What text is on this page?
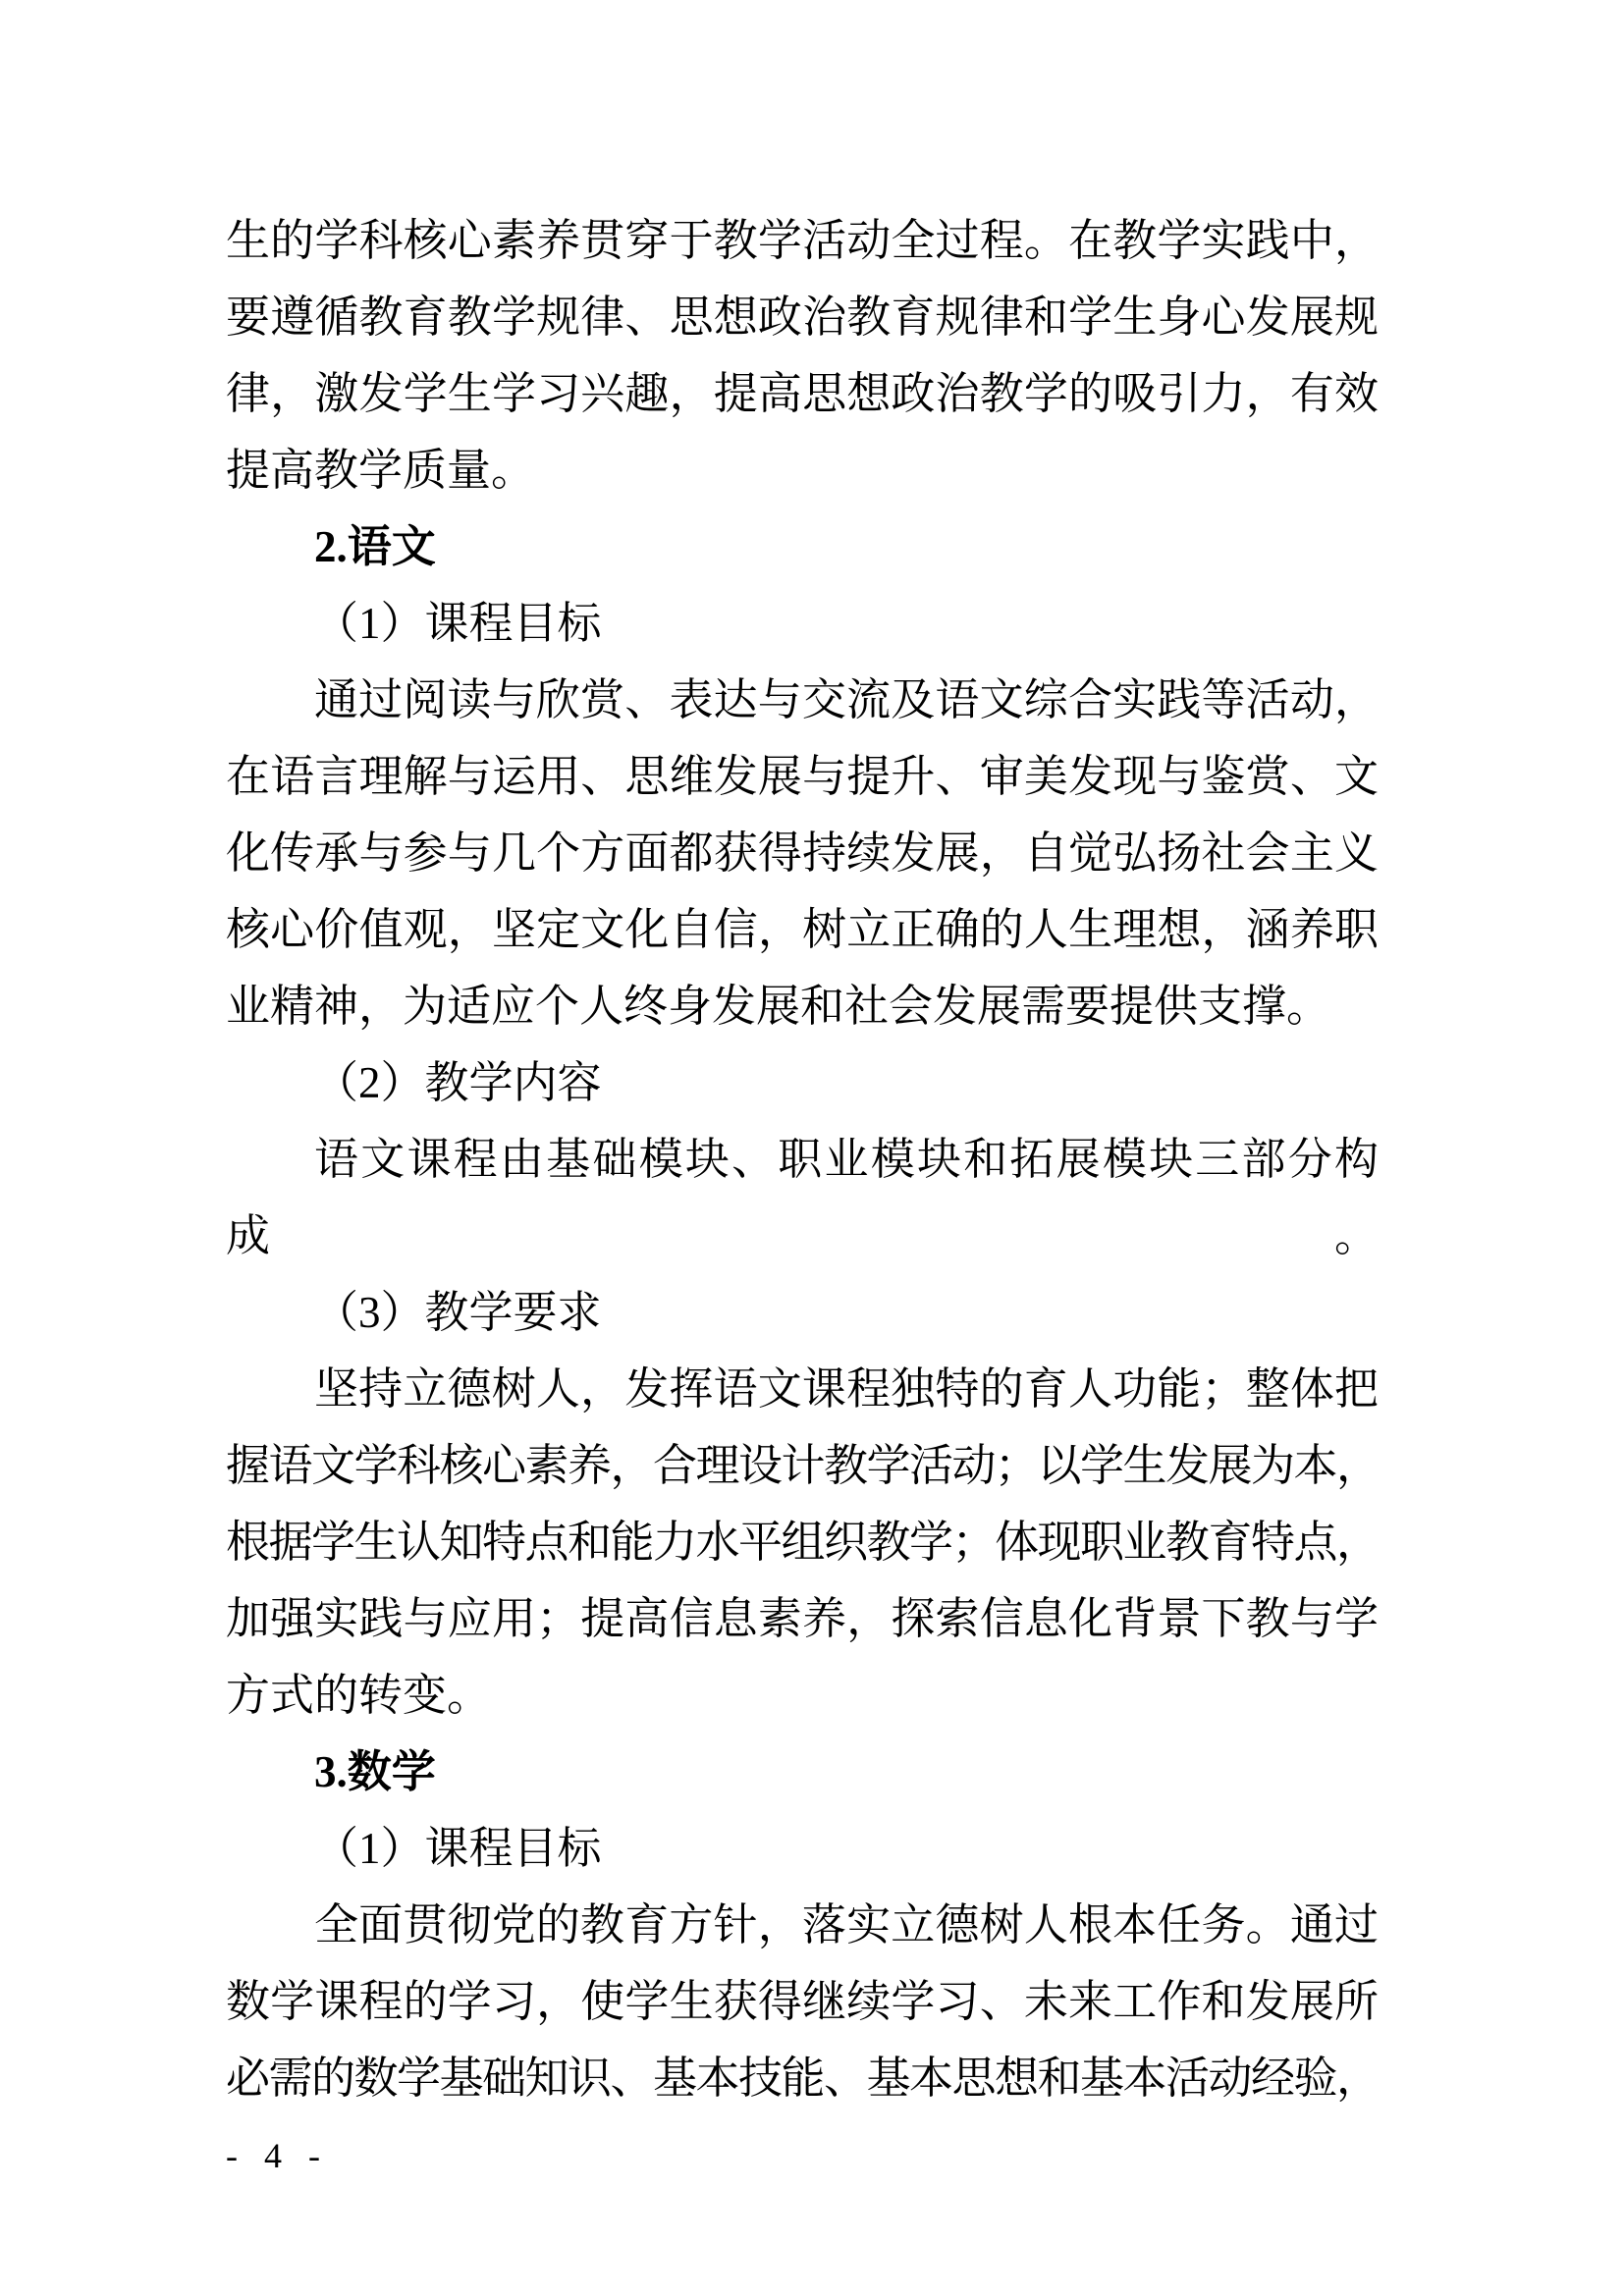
生的学科核心素养贯穿于教学活动全过程。在教学实践中，
要遵循教育教学规律、思想政治教育规律和学生身心发展规
律，激发学生学习兴趣，提高思想政治教学的吸引力，有效
提高教学质量。
2.语文
（1）课程目标
通过阅读与欣赏、表达与交流及语文综合实践等活动，
在语言理解与运用、思维发展与提升、审美发现与鉴赏、文
化传承与参与几个方面都获得持续发展，自觉弘扬社会主义
核心价值观，坚定文化自信，树立正确的人生理想，涵养职
业精神，为适应个人终身发展和社会发展需要提供支撑。
（2）教学内容
语文课程由基础模块、职业模块和拓展模块三部分构成。
（3）教学要求
坚持立德树人，发挥语文课程独特的育人功能；整体把
握语文学科核心素养，合理设计教学活动；以学生发展为本，
根据学生认知特点和能力水平组织教学；体现职业教育特点，
加强实践与应用；提高信息素养，探索信息化背景下教与学
方式的转变。
3.数学
（1）课程目标
全面贯彻党的教育方针，落实立德树人根本任务。通过
数学课程的学习，使学生获得继续学习、未来工作和发展所
必需的数学基础知识、基本技能、基本思想和基本活动经验，
- 4 -
